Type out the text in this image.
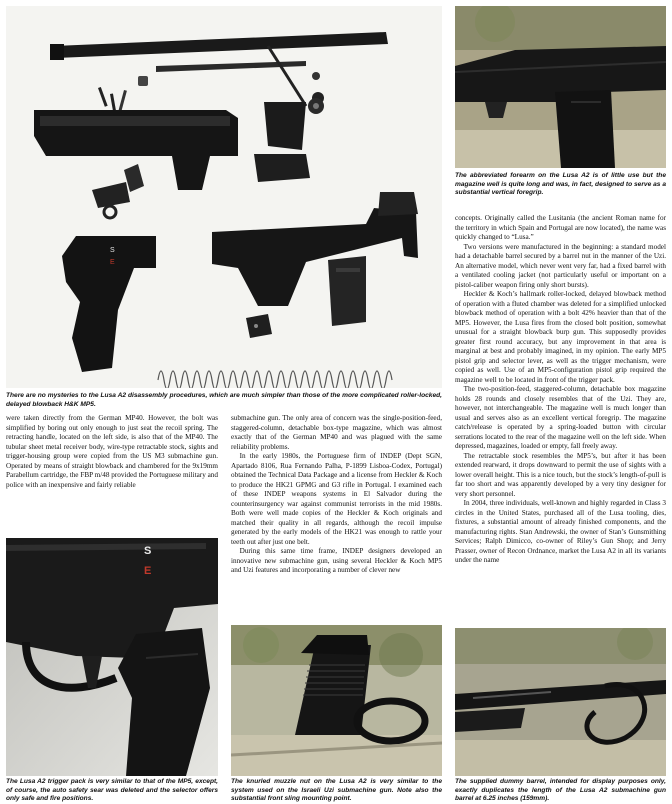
S
E
There are no mysteries to the Lusa A2 disassembly procedures, which are much simpler than those of the more complicated roller-locked, delayed blowback H&K MP5.

were taken directly from the German MP40. However, the bolt was simplified by boring out only enough to just seat the recoil spring. The retracting handle, located on the left side, is also that of the MP40. The tubular sheet metal receiver body, wire-type retractable stock, sights and trigger-housing group were copied from the US M3 submachine gun. Operated by means of straight blowback and chambered for the 9x19mm Parabellum cartridge, the FBP m/48 provided the Portuguese military and police with an inexpensive and fairly reliable

submachine gun. The only area of concern was the single-position-feed, staggered-column, detachable box-type magazine, which was almost exactly that of the German MP40 and was plagued with the same reliability problems.

In the early 1980s, the Portuguese firm of INDEP (Dept SGN, Apartado 8106, Rua Fernando Palha, P-1899 Lisboa-Codex, Portugal) obtained the Technical Data Package and a license from Heckler & Koch to produce the HK21 GPMG and G3 rifle in Portugal. I examined each of these INDEP weapons systems in El Salvador during the counterinsurgency war against communist terrorists in the mid 1980s. Both were well made copies of the Heckler & Koch originals and matched their quality in all regards, although the recoil impulse generated by the early models of the HK21 was enough to rattle your teeth out after just one belt.

During this same time frame, INDEP designers developed an innovative new submachine gun, using several Heckler & Koch MP5 and Uzi features and incorporating a number of clever new

S
E
The Lusa A2 trigger pack is very similar to that of the MP5, except, of course, the auto safety sear was deleted and the selector offers only safe and fire positions.
The knurled muzzle nut on the Lusa A2 is very similar to the system used on the Israeli Uzi submachine gun. Note also the substantial front sling mounting point.
The abbreviated forearm on the Lusa A2 is of little use but the magazine well is quite long and was, in fact, designed to serve as a substantial vertical foregrip.

concepts. Originally called the Lusitania (the ancient Roman name for the territory in which Spain and Portugal are now located), the name was quickly changed to “Lusa.”

Two versions were manufactured in the beginning: a standard model had a detachable barrel secured by a barrel nut in the manner of the Uzi. An alternative model, which never went very far, had a fixed barrel with a ventilated cooling jacket (not particularly useful or important on a pistol-caliber weapon firing only short bursts).

Heckler & Koch’s hallmark roller-locked, delayed blowback method of operation with a fluted chamber was deleted for a simplified unlocked blowback method of operation with a bolt 42% heavier than that of the MP5. However, the Lusa fires from the closed bolt position, somewhat unusual for a straight blowback burp gun. This supposedly provides greater first round accuracy, but any improvement in that area is marginal at best and probably imagined, in my opinion. The early MP5 pistol grip and selector lever, as well as the trigger mechanism, were copied as well. Use of an MP5-configuration pistol grip required the magazine well to be located in front of the trigger pack.

The two-position-feed, staggered-column, detachable box magazine holds 28 rounds and closely resembles that of the Uzi. They are, however, not interchangeable. The magazine well is much longer than usual and serves also as an excellent vertical foregrip. The magazine catch/release is operated by a spring-loaded button with circular serrations located to the rear of the magazine well on the left side. When depressed, magazines, loaded or empty, fall freely away.

The retractable stock resembles the MP5’s, but after it has been extended rearward, it drops downward to permit the use of sights with a lower overall height. This is a nice touch, but the stock’s length-of-pull is far too short and was apparently developed by a very tiny designer for very short personnel.

In 2004, three individuals, well-known and highly regarded in Class 3 circles in the United States, purchased all of the Lusa tooling, dies, fixtures, a substantial amount of already finished components, and the manufacturing rights. Stan Andrewski, the owner of Stan’s Gunsmithing Services; Ralph Dimicco, co-owner of Riley’s Gun Shop; and Jerry Prasser, owner of Recon Ordnance, market the Lusa A2 in all its variants under the name

The supplied dummy barrel, intended for display purposes only, exactly duplicates the length of the Lusa A2 submachine gun barrel at 6.25 inches (159mm).
